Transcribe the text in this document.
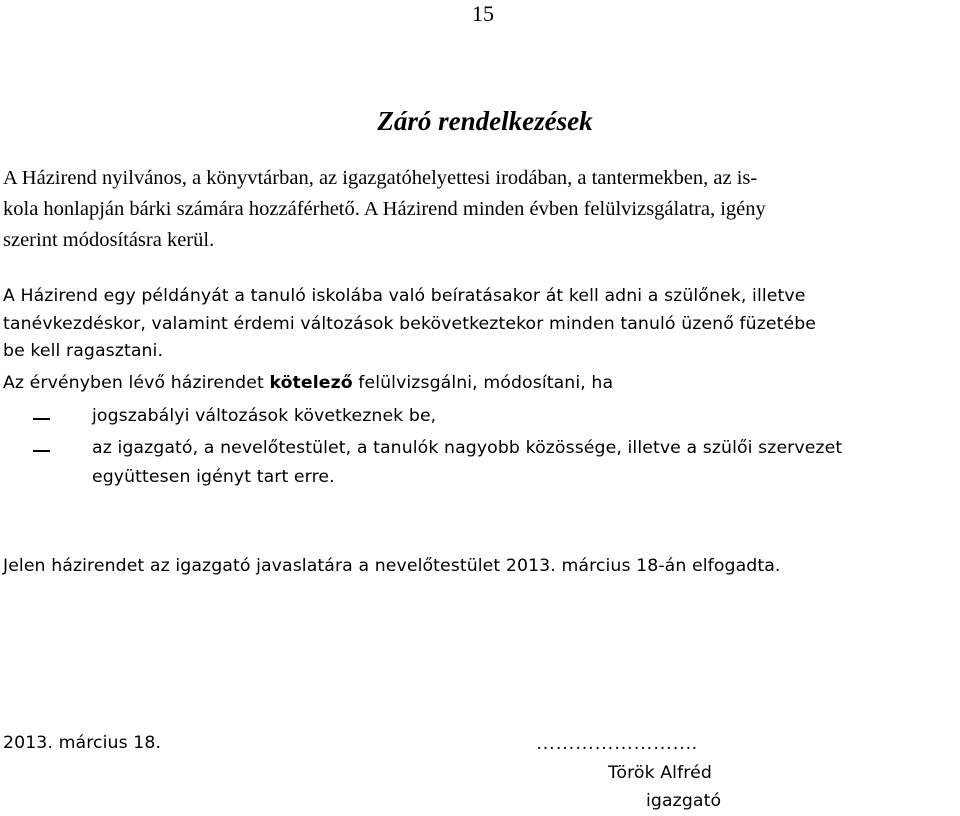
15
Záró rendelkezések
A Házirend nyilvános, a könyvtárban, az igazgatóhelyettesi irodában, a tantermekben, az is-
kola honlapján bárki számára hozzáférhető. A Házirend minden évben felülvizsgálatra, igény
szerint módosításra kerül.
A Házirend egy példányát a tanuló iskolába való beíratásakor át kell adni a szülőnek, illetve
tanévkezdéskor, valamint érdemi változások bekövetkeztekor minden tanuló üzenő füzetébe
be kell ragasztani.
Az érvényben lévő házirendet kötelező felülvizsgálni, módosítani, ha
jogszabályi változások következnek be,
az igazgató, a nevelőtestület, a tanulók nagyobb közössége, illetve a szülői szervezet
együttesen igényt tart erre.
Jelen házirendet az igazgató javaslatára a nevelőtestület 2013. március 18-án elfogadta.
2013. március 18.	…………………….
Török Alfréd
igazgató
